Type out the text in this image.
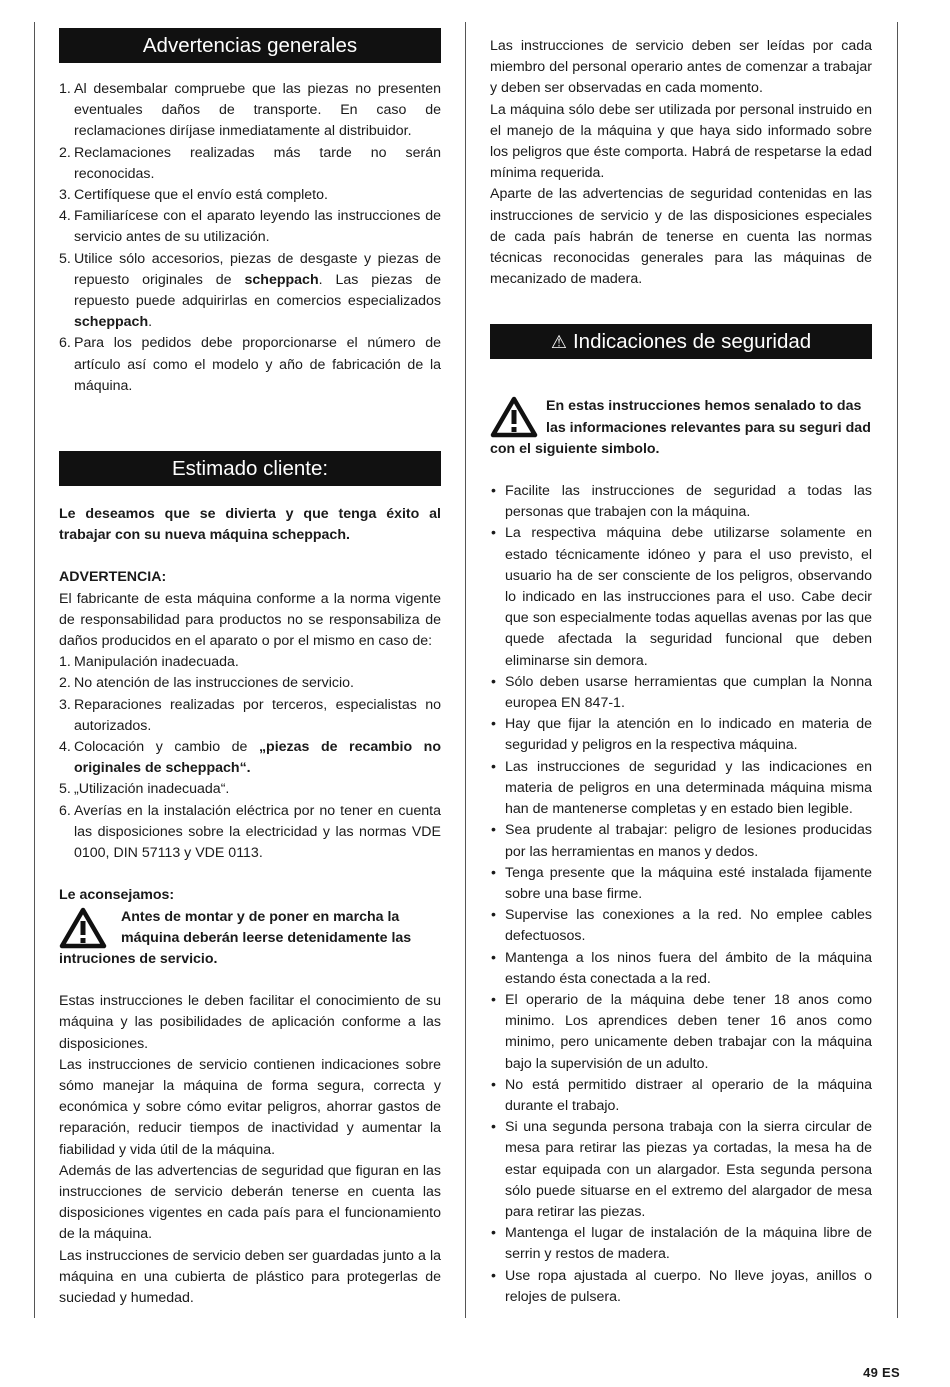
Advertencias generales
1. Al desembalar compruebe que las piezas no presenten eventuales daños de transporte. En caso de reclamaciones diríjase inmediatamente al distribuidor.
2. Reclamaciones realizadas más tarde no serán reconocidas.
3. Certifíquese que el envío está completo.
4. Familiarícese con el aparato leyendo las instrucciones de servicio antes de su utilización.
5. Utilice sólo accesorios, piezas de desgaste y piezas de repuesto originales de scheppach. Las piezas de repuesto puede adquirirlas en comercios especializados scheppach.
6. Para los pedidos debe proporcionarse el número de artículo así como el modelo y año de fabricación de la máquina.
Estimado cliente:

Le deseamos que se divierta y que tenga éxito al trabajar con su nueva máquina scheppach.

ADVERTENCIA:

El fabricante de esta máquina conforme a la norma vigente de responsabilidad para productos no se responsabiliza de daños producidos en el aparato o por el mismo en caso de:

1. Manipulación inadecuada.
2. No atención de las instrucciones de servicio.
3. Reparaciones realizadas por terceros, especialistas no autorizados.
4. Colocación y cambio de „piezas de recambio no originales de scheppach“.
5. „Utilización inadecuada“.
6. Averías en la instalación eléctrica por no tener en cuenta las disposiciones sobre la electricidad y las normas VDE 0100, DIN 57113 y VDE 0113.

Le aconsejamos:

Antes de montar y de poner en marcha la máquina deberán leerse detenidamente las intruciones de servicio.

Estas instrucciones le deben facilitar el conocimiento de su máquina y las posibilidades de aplicación conforme a las disposiciones.

Las instrucciones de servicio contienen indicaciones sobre sómo manejar la máquina de forma segura, correcta y económica y sobre cómo evitar peligros, ahorrar gastos de reparación, reducir tiempos de inactividad y aumentar la fiabilidad y vida útil de la máquina.

Además de las advertencias de seguridad que figuran en las instrucciones de servicio deberán tenerse en cuenta las disposiciones vigentes en cada país para el funcionamiento de la máquina.

Las instrucciones de servicio deben ser guardadas junto a la máquina en una cubierta de plástico para protegerlas de suciedad y humedad.

Las instrucciones de servicio deben ser leídas por cada miembro del personal operario antes de comenzar a trabajar y deben ser observadas en cada momento.

La máquina sólo debe ser utilizada por personal instruido en el manejo de la máquina y que haya sido informado sobre los peligros que éste comporta. Habrá de respetarse la edad mínima requerida.

Aparte de las advertencias de seguridad contenidas en las instrucciones de servicio y de las disposiciones especiales de cada país habrán de tenerse en cuenta las normas técnicas reconocidas generales para las máquinas de mecanizado de madera.

⚠ Indicaciones de seguridad

En estas instrucciones hemos senalado to das las informaciones relevantes para su seguri dad con el siguiente simbolo.

• Facilite las instrucciones de seguridad a todas las personas que trabajen con la máquina.
• La respectiva máquina debe utilizarse solamente en estado técnicamente idóneo y para el uso previsto, el usuario ha de ser consciente de los peligros, observando lo indicado en las instrucciones para el uso. Cabe decir que son especialmente todas aquellas avenas por las que quede afectada la seguridad funcional que deben eliminarse sin demora.
• Sólo deben usarse herramientas que cumplan la Nonna europea EN 847-1.
• Hay que fijar la atención en lo indicado en materia de seguridad y peligros en la respectiva máquina.
• Las instrucciones de seguridad y las indicaciones en materia de peligros en una determinada máquina misma han de mantenerse completas y en estado bien legible.
• Sea prudente al trabajar: peligro de lesiones producidas por las herramientas en manos y dedos.
• Tenga presente que la máquina esté instalada fijamente sobre una base firme.
• Supervise las conexiones a la red. No emplee cables defectuosos.
• Mantenga a los ninos fuera del ámbito de la máquina estando ésta conectada a la red.
• El operario de la máquina debe tener 18 anos como minimo. Los aprendices deben tener 16 anos como minimo, pero unicamente deben trabajar con la máquina bajo la supervisión de un adulto.
• No está permitido distraer al operario de la máquina durante el trabajo.
• Si una segunda persona trabaja con la sierra circular de mesa para retirar las piezas ya cortadas, la mesa ha de estar equipada con un alargador. Esta segunda persona sólo puede situarse en el extremo del alargador de mesa para retirar las piezas.
• Mantenga el lugar de instalación de la máquina libre de serrin y restos de madera.
• Use ropa ajustada al cuerpo. No lleve joyas, anillos o relojes de pulsera.
49 ES
